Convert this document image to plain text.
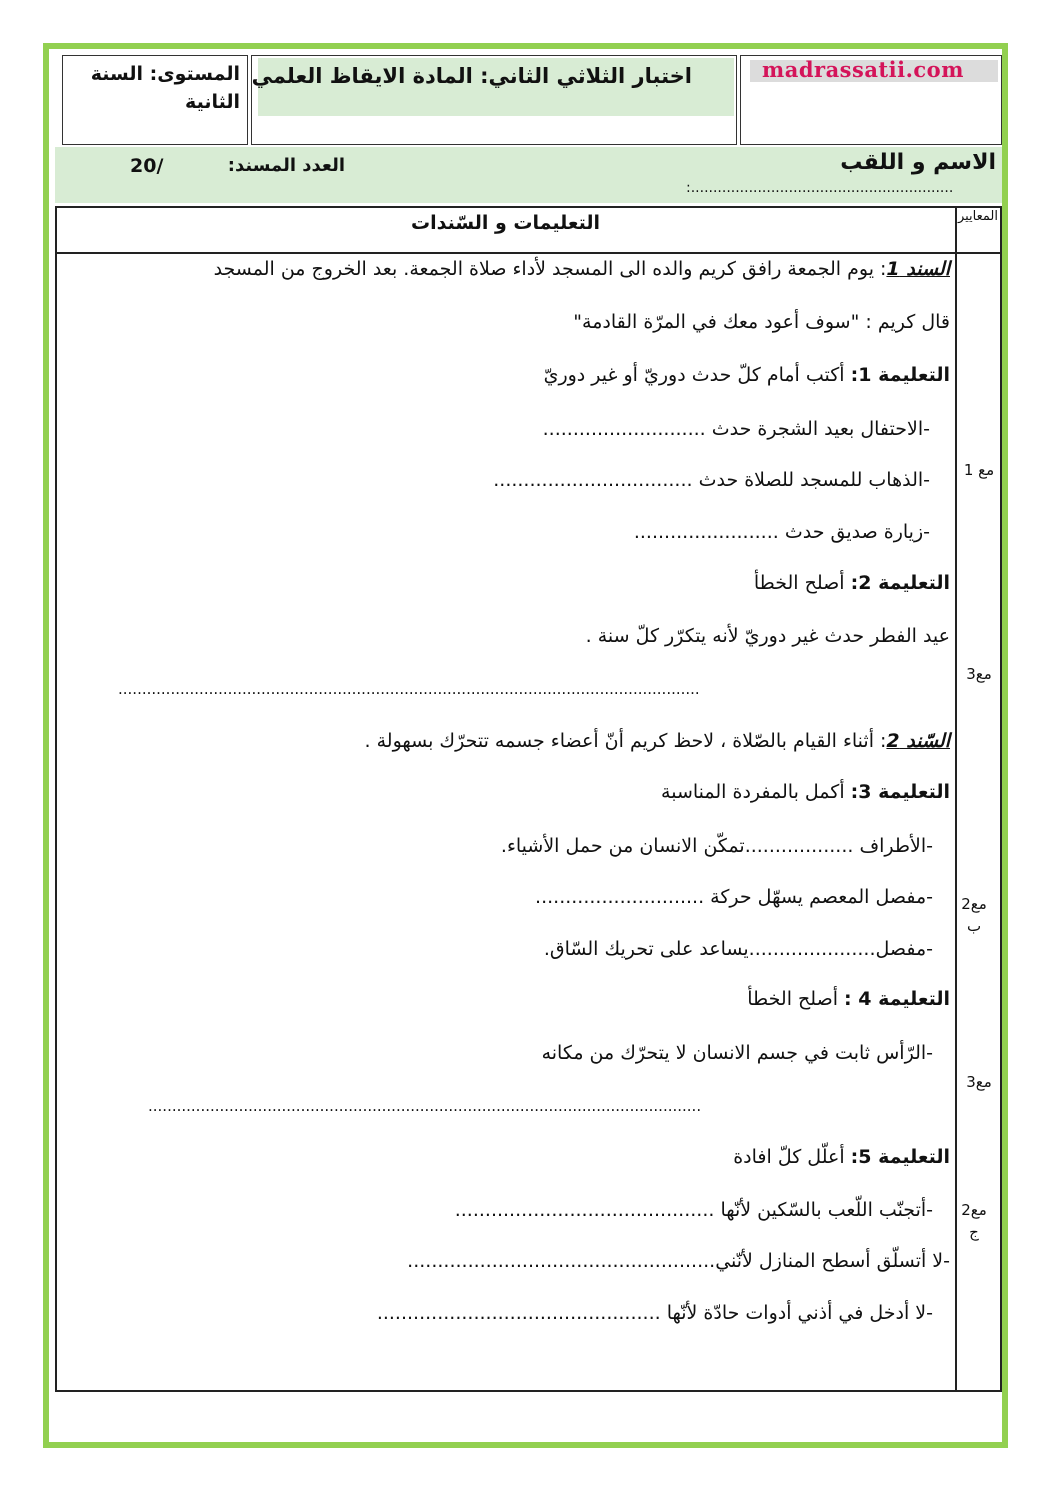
المستوى: السنة الثانية
اختبار الثلاثي الثاني: المادة الايقاظ العلمي	madrassatii.com
الاسم و اللقب
:...........................................................
العدد المسند:
20/
المعايير
التعليمات و السّندات
السند 1: يوم الجمعة رافق كريم والده الى المسجد لأداء صلاة الجمعة. بعد الخروج من المسجد
قال كريم : "سوف أعود معك في المرّة القادمة"
التعليمة 1: أكتب أمام كلّ حدث دوريّ أو غير دوريّ
-الاحتفال بعيد الشجرة حدث ...........................
-الذهاب للمسجد للصلاة حدث .................................
-زيارة صديق حدث ........................
مع 1
التعليمة 2: أصلح الخطأ
عيد الفطر حدث غير دوريّ لأنه يتكرّر كلّ سنة .
..........................................................................................................................
مع3
السّند 2: أثناء القيام بالصّلاة ، لاحظ كريم أنّ أعضاء جسمه تتحرّك بسهولة .
التعليمة 3: أكمل بالمفردة المناسبة
-الأطراف ..................تمكّن الانسان من حمل الأشياء.
-مفصل المعصم يسهّل حركة ............................
-مفصل.....................يساعد على تحريك السّاق.
مع2 ب
التعليمة 4 : أصلح الخطأ
-الرّأس ثابت في جسم الانسان لا يتحرّك من مكانه
....................................................................................................................
مع3
التعليمة 5: أعلّل كلّ افادة
-أتجنّب اللّعب بالسّكين لأنّها ...........................................
-لا أتسلّق أسطح المنازل لأنّني...................................................
-لا أدخل في أذني أدوات حادّة لأنّها ...............................................
مع2 ج
